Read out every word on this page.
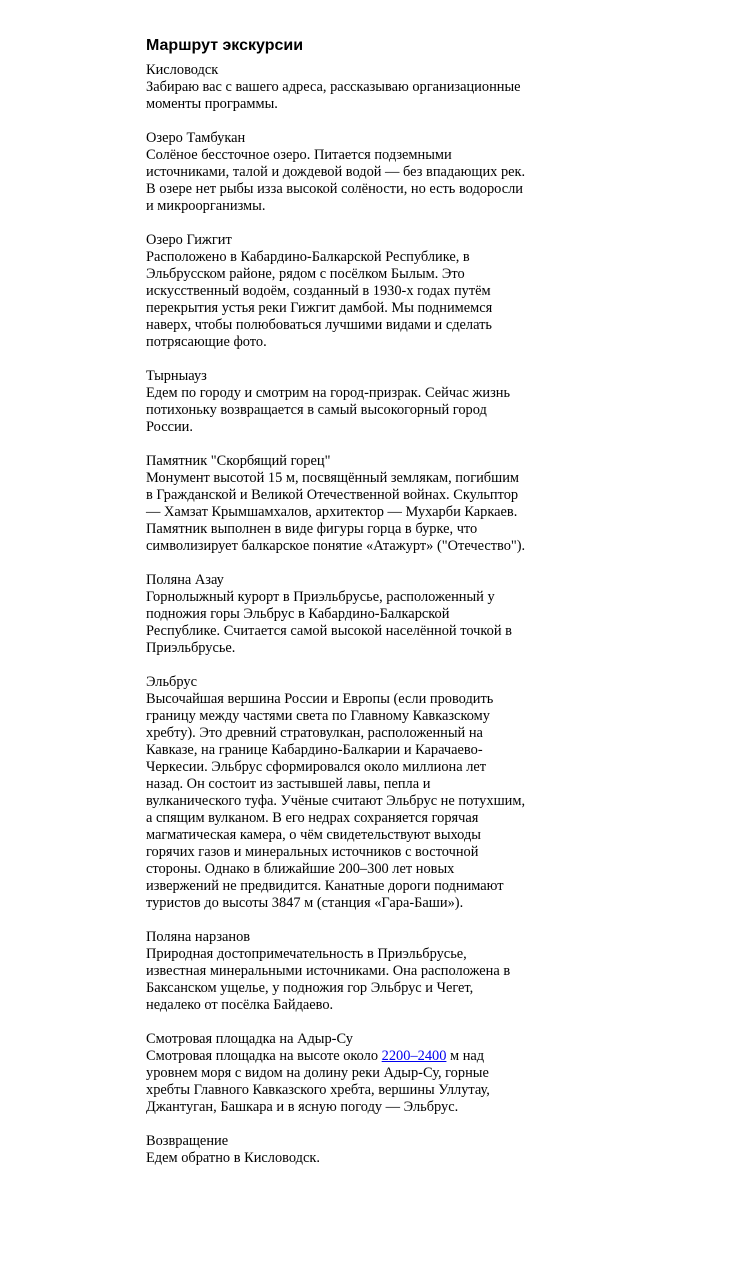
Маршрут экскурсии
Кисловодск
Забираю вас с вашего адреса, рассказываю организационные моменты программы.
Озеро Тамбукан
Солёное бессточное озеро. Питается подземными источниками, талой и дождевой водой — без впадающих рек. В озере нет рыбы изза высокой солёности, но есть водоросли и микроорганизмы.
Озеро Гижгит
Расположено в Кабардино-Балкарской Республике, в Эльбрусском районе, рядом с посёлком Былым. Это искусственный водоём, созданный в 1930-х годах путём перекрытия устья реки Гижгит дамбой. Мы поднимемся наверх, чтобы полюбоваться лучшими видами и сделать потрясающие фото.
Тырныауз
Едем по городу и смотрим на город-призрак. Сейчас жизнь потихоньку возвращается в самый высокогорный город России.
Памятник "Скорбящий горец"
Монумент высотой 15 м, посвящённый землякам, погибшим в Гражданской и Великой Отечественной войнах. Скульптор — Хамзат Крымшамхалов, архитектор — Мухарби Каркаев. Памятник выполнен в виде фигуры горца в бурке, что символизирует балкарское понятие «Атажурт» ("Отечество").
Поляна Азау
Горнолыжный курорт в Приэльбрусье, расположенный у подножия горы Эльбрус в Кабардино-Балкарской Республике. Считается самой высокой населённой точкой в Приэльбрусье.
Эльбрус
Высочайшая вершина России и Европы (если проводить границу между частями света по Главному Кавказскому хребту). Это древний стратовулкан, расположенный на Кавказе, на границе Кабардино-Балкарии и Карачаево-Черкесии. Эльбрус сформировался около миллиона лет назад. Он состоит из застывшей лавы, пепла и вулканического туфа. Учёные считают Эльбрус не потухшим, а спящим вулканом. В его недрах сохраняется горячая магматическая камера, о чём свидетельствуют выходы горячих газов и минеральных источников с восточной стороны. Однако в ближайшие 200–300 лет новых извержений не предвидится. Канатные дороги поднимают туристов до высоты 3847 м (станция «Гара-Баши»).
Поляна нарзанов
Природная достопримечательность в Приэльбрусье, известная минеральными источниками. Она расположена в Баксанском ущелье, у подножия гор Эльбрус и Чегет, недалеко от посёлка Байдаево.
Смотровая площадка на Адыр-Су
Смотровая площадка на высоте около 2200–2400 м над уровнем моря с видом на долину реки Адыр-Су, горные хребты Главного Кавказского хребта, вершины Уллутау, Джантуган, Башкара и в ясную погоду — Эльбрус.
Возвращение
Едем обратно в Кисловодск.
